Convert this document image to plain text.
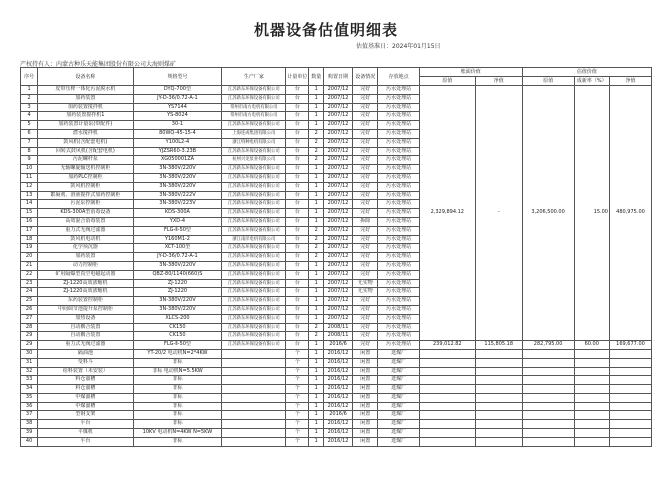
机器设备估值明细表
估值基准日：2024年01月15日
产权持有人：内蒙古种乐天能集团股份有限公司大海则煤矿
序号	设备名称	规格型号	生产厂家	计量单位	数量	购置日期	设备情况	存放地点	账面价值		估值价值		
									原值	净值	原值	成新率（%）	净值
1	皮带压榨一体化污泥脱水机	DYQ-700型	江苏新东环保设备有限公司	台	1	2007/12	完好	污水处理站	2,329,894.12	-	3,206,500.00	15.00	480,975.00
2	加药装置	JY-D-36/0.72-A-1	江苏新东环保设备有限公司	台	1	2007/12	完好	污水处理站					
3	加药装置搅拌机	YS7144	常州市南方电机有限公司	台	1	2007/12	完好	污水处理站					
4	加药装置搅拌机1	YS-8024	常州市南方电机有限公司	台	1	2007/12	完好	污水处理站					
5	加药装置计量泵(带配件)	30-1	江苏新东环保设备有限公司	台	1	2007/12	完好	污水处理站					
6	潜水搅拌机	80WQ-45-15-4	上海连成集团有限公司	台	2	2007/12	完好	污水处理站					
7	鼓风机(含配套电机)	Y100L2-4	浙江特种电机有限公司	台	2	2007/12	完好	污水处理站					
8	回转式鼓风机(含配套电机)	YJZSR60-3.23B	江苏新东环保设备有限公司	台	2	2007/12	完好	污水处理站					
9	污泥螺杆泵	XG050001ZA	杭州兴龙泵业有限公司	台	2	2007/12	完好	污水处理站					
10	无轴螺旋输送机控制柜	3N-380V/220V	江苏新东环保设备有限公司	台	1	2007/12	完好	污水处理站					
11	加药PLC控制柜	3N-380V/220V	江苏新东环保设备有限公司	台	1	2007/12	完好	污水处理站					
12	鼓风机控制柜	3N-380V/220V	江苏新东环保设备有限公司	台	1	2007/12	完好	污水处理站					
13	絮凝剂、溶液搅拌式加药控制柜	3N-380V/222V	江苏新东环保设备有限公司	台	1	2007/12	完好	污水处理站					
14	污泥泵控制柜	3N-380V/223V	江苏新东环保设备有限公司	台	1	2007/12	完好	污水处理站					
15	KDS-300A型消毒设备	KDS-300A	江苏新东环保设备有限公司	台	1	2007/12	完好	污水处理站					
16	高效混合消毒装置	YXD-4	江苏新东环保设备有限公司	台	1	2007/12	拆除	污水处理站					
17	重力式无阀过滤器	FLG-Ⅱ-50型	江苏新东环保设备有限公司	台	2	2007/12	完好	污水处理站					
18	鼓风机电动机	Y160M1-2	浙江南洋电机有限公司	台	2	2007/12	完好	污水处理站					
19	化学预沉器	XCT-100型	江苏新东环保设备有限公司	台	2	2007/12	完好	污水处理站					
20	加药装置	JY-D-36/0.72-A-1	江苏新东环保设备有限公司	台	2	2007/12	完好	污水处理站					
21	动力控制柜	3N-380V/220V	江苏新东环保设备有限公司	台	1	2007/12	完好	污水处理站					
22	矿用隔爆型真空电磁起动器	QBZ-80/1140(660)S	江苏新东环保设备有限公司	台	1	2007/12	完好	污水处理站					
23	ZJ-1220高效浓缩机	ZJ-1220	江苏新东环保设备有限公司	台	1	2007/12	无实物	污水处理站					
24	ZJ-1220高效浓缩机	ZJ-1220	江苏新东环保设备有限公司	台	1	2007/12	无实物	污水处理站					
25	东药装置控制柜	3N-380V/220V	江苏新东环保设备有限公司	台	1	2007/12	完好	污水处理站					
26	中间调节池提升泵控制柜	3N-380V/220V	江苏新东环保设备有限公司	台	1	2007/12	完好	污水处理站					
27	加热设备	XLCS-200	江苏新东环保设备有限公司	台	1	2007/12	完好	污水处理站					
28	自动耦合装置	CK150	江苏新东环保设备有限公司	台	2	2008/11	完好	污水处理站					
29	自动耦合装置	CK150	江苏新东环保设备有限公司	台	2	2008/11	完好	污水处理站					
29	重力式无阀过滤器	FLG-Ⅱ-50型	江苏新东环保设备有限公司	台	1	2016/6	完好	污水处理站	239,012.82	115,805.18	282,795.00	60.00	169,677.00
30	隔油池	YT-20/2 电动机N=2*4KW		个	1	2016/12	闲置	选煤厂					
31	受料斗	非标		个	1	2016/12	闲置	选煤厂					
32	给料装置（未安装）	非标 电动机N=5.5KW		个	1	2016/12	闲置	选煤厂					
33	料仓溜槽	非标		个	1	2016/12	闲置	选煤厂					
34	料仓溜槽	非标		个	1	2016/12	闲置	选煤厂					
35	中煤溜槽	非标		个	1	2016/12	闲置	选煤厂					
36	中煤溜槽	非标		个	1	2016/12	闲置	选煤厂					
37	型钢支架	非标		个	1	2016/6	闲置	选煤厂					
38	平台	非标		个	1	2016/12	闲置	选煤厂					
39	平煤机	10KV 电动机N=4KW N=5KW		个	1	2016/12	闲置	选煤厂					
40	平台	非标		个	1	2016/12	闲置	选煤厂					
